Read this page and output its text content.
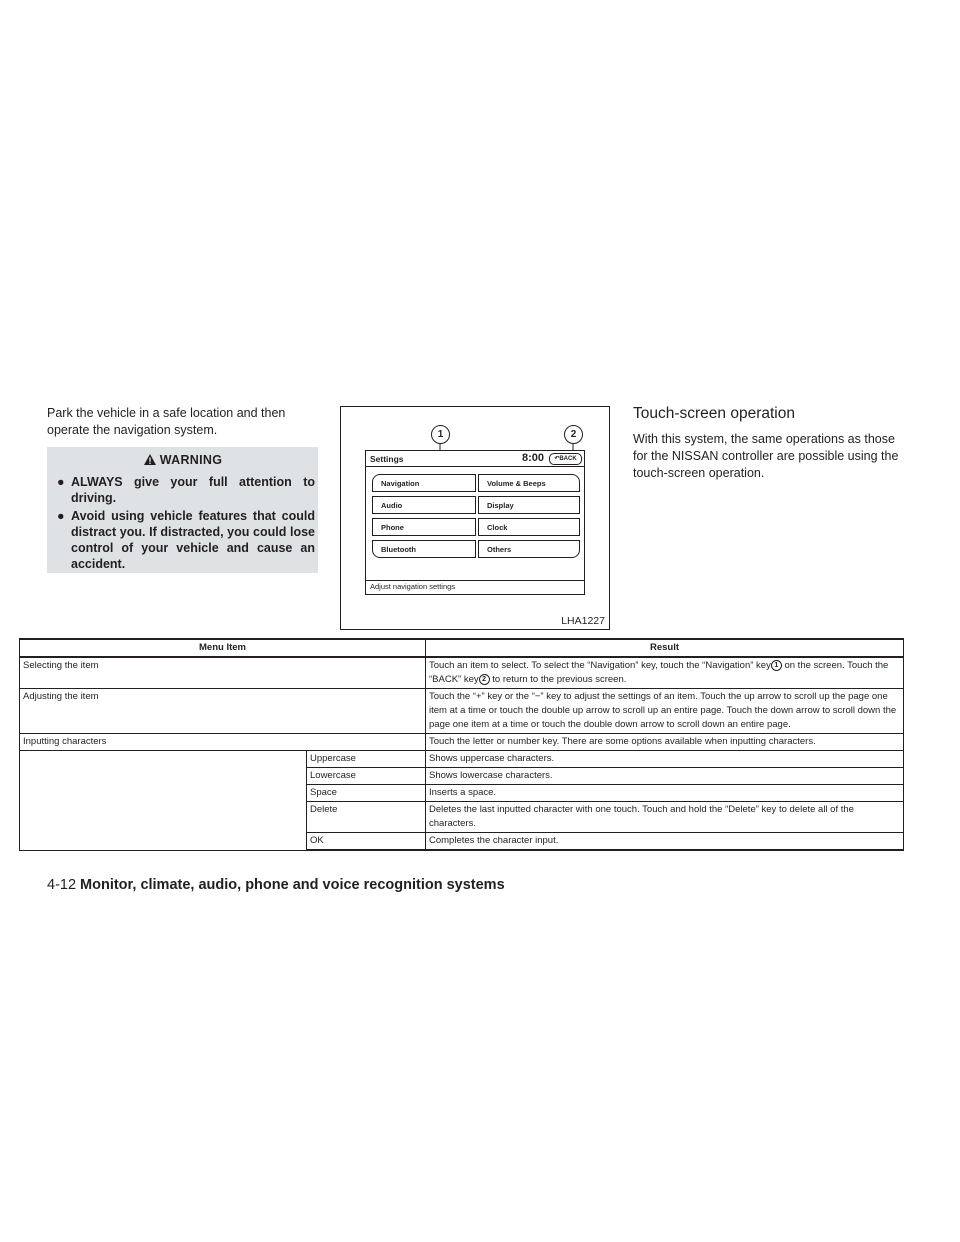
Park the vehicle in a safe location and then operate the navigation system.
WARNING
● ALWAYS give your full attention to driving.
● Avoid using vehicle features that could distract you. If distracted, you could lose control of your vehicle and cause an accident.
1	2
Settings	8:00	↶BACK
Navigation
Audio
Phone
Bluetooth
Volume & Beeps
Display
Clock
Others
Adjust navigation settings
LHA1227
Touch-screen operation
With this system, the same operations as those for the NISSAN controller are possible using the touch-screen operation.
Menu Item		Result
Selecting the item		Touch an item to select. To select the “Navigation” key, touch the “Navigation” key 1 on the screen. Touch the “BACK” key 2 to return to the previous screen.
Adjusting the item		Touch the “+” key or the “−” key to adjust the settings of an item. Touch the up arrow to scroll up the page one item at a time or touch the double up arrow to scroll up an entire page. Touch the down arrow to scroll down the page one item at a time or touch the double down arrow to scroll down an entire page.
Inputting characters		Touch the letter or number key. There are some options available when inputting characters.
	Uppercase	Shows uppercase characters.
	Lowercase	Shows lowercase characters.
	Space	Inserts a space.
	Delete	Deletes the last inputted character with one touch. Touch and hold the “Delete” key to delete all of the characters.
	OK	Completes the character input.
4-12 Monitor, climate, audio, phone and voice recognition systems
